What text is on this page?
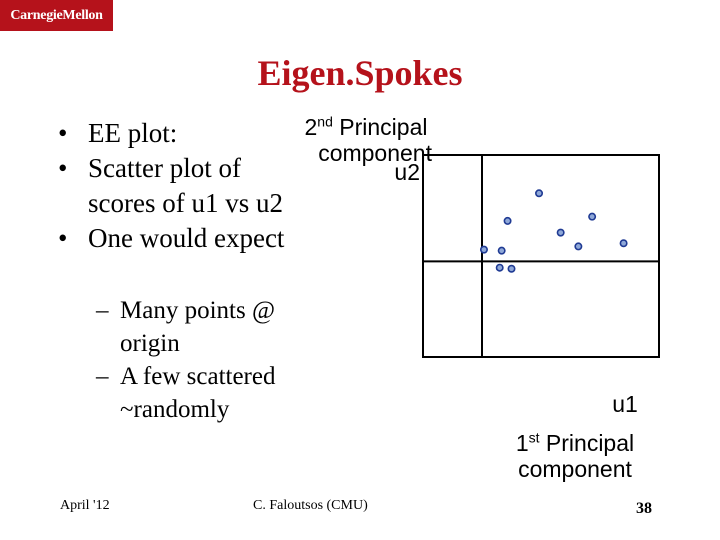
CarnegieMellon
Eigen.Spokes
• EE plot:
• Scatter plot of
scores of u1 vs u2
• One would expect
– Many points @
origin
– A few scattered
~randomly
2nd Principal
component
u2
u1
1st Principal
component
April '12	C. Faloutsos (CMU)	38
